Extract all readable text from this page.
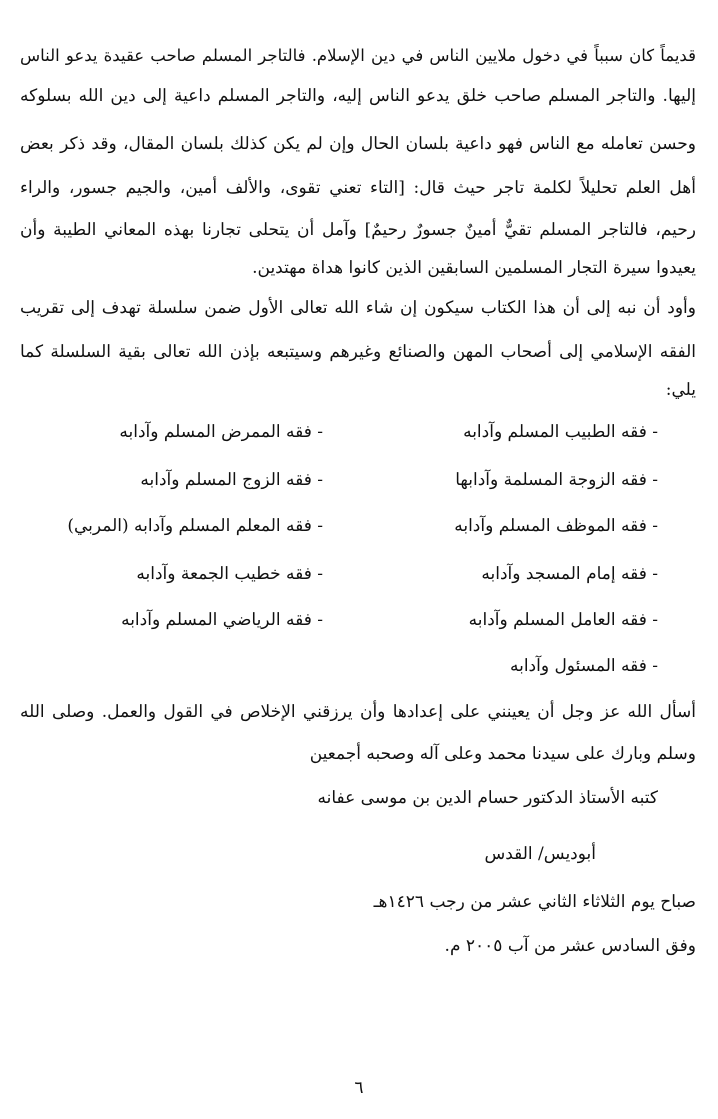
قديماً كان سبباً في دخول ملايين الناس في دين الإسلام. فالتاجر المسلم صاحب عقيدة يدعو الناس
إليها. والتاجر المسلم صاحب خلق يدعو الناس إليه، والتاجر المسلم داعية إلى دين الله بسلوكه
وحسن تعامله مع الناس فهو داعية بلسان الحال وإن لم يكن كذلك بلسان المقال، وقد ذكر بعض
أهل العلم تحليلاً لكلمة تاجر حيث قال: [التاء تعني تقوى، والألف أمين، والجيم جسور، والراء
رحيم، فالتاجر المسلم تقيٌّ أمينٌ جسورٌ رحيمٌ] وآمل أن يتحلى تجارنا بهذه المعاني الطيبة وأن
يعيدوا سيرة التجار المسلمين السابقين الذين كانوا هداة مهتدين.
وأود أن نبه إلى أن هذا الكتاب سيكون إن شاء الله تعالى الأول ضمن سلسلة تهدف إلى تقريب
الفقه الإسلامي إلى أصحاب المهن والصنائع وغيرهم وسيتبعه بإذن الله تعالى بقية السلسلة كما
يلي:
- فقه الطبيب المسلم وآدابه
- فقه الزوجة المسلمة وآدابها
- فقه الموظف المسلم وآدابه
- فقه إمام المسجد وآدابه
- فقه العامل المسلم وآدابه
- فقه المسئول وآدابه
- فقه الممرض المسلم وآدابه
- فقه الزوج المسلم وآدابه
- فقه المعلم المسلم وآدابه (المربي)
- فقه خطيب الجمعة وآدابه
- فقه الرياضي المسلم وآدابه
أسأل الله عز وجل أن يعينني على إعدادها وأن يرزقني الإخلاص في القول والعمل. وصلى الله
وسلم وبارك على سيدنا محمد وعلى آله وصحبه أجمعين
كتبه الأستاذ الدكتور حسام الدين بن موسى عفانه
أبوديس/ القدس
صباح يوم الثلاثاء الثاني عشر من رجب ١٤٢٦هـ
وفق السادس عشر من آب ٢٠٠٥ م.
٦
